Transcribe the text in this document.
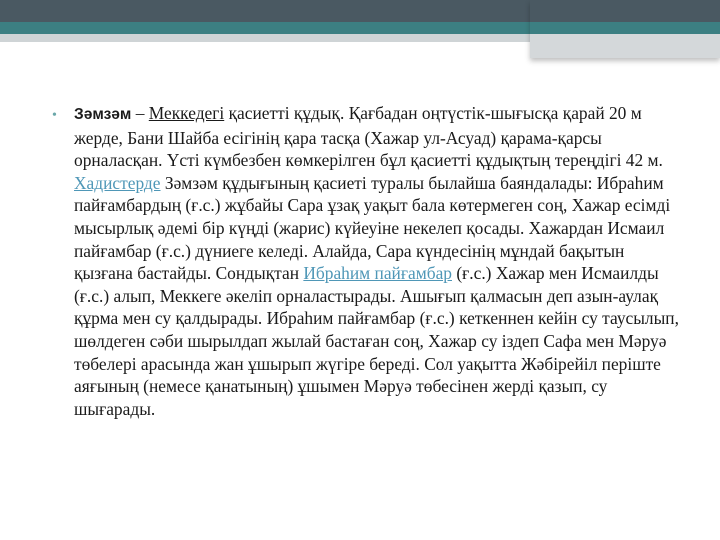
• Зәмзәм – Меккедегі қасиетті құдық. Қағбадан оңтүстік-шығысқа қарай 20 м жерде, Бани Шайба есігінің қара тасқа (Хажар ул-Асуад) қарама-қарсы орналасқан. Үсті күмбезбен көмкерілген бұл қасиетті құдықтың тереңдігі 42 м. Хадистерде Зәмзәм құдығының қасиеті туралы былайша баяндалады: Ибраһим пайғамбардың (ғ.с.) жұбайы Сара ұзақ уақыт бала көтермеген соң, Хажар есімді мысырлық әдемі бір күңді (жарис) күйеуіне некелеп қосады. Хажардан Исмаил пайғамбар (ғ.с.) дүниеге келеді. Алайда, Сара күндесінің мұндай бақытын қызғана бастайды. Сондықтан Ибраһим пайғамбар (ғ.с.) Хажар мен Исмаилды (ғ.с.) алып, Меккеге әкеліп орналастырады. Ашығып қалмасын деп азын-аулақ құрма мен су қалдырады. Ибраһим пайғамбар (ғ.с.) кеткеннен кейін су таусылып, шөлдеген сәби шырылдап жылай бастаған соң, Хажар су іздеп Сафа мен Мәруә төбелері арасында жан ұшырып жүгіре береді. Сол уақытта Жәбірейіл періште аяғының (немесе қанатының) ұшымен Мәруә төбесінен жерді қазып, су шығарады.
